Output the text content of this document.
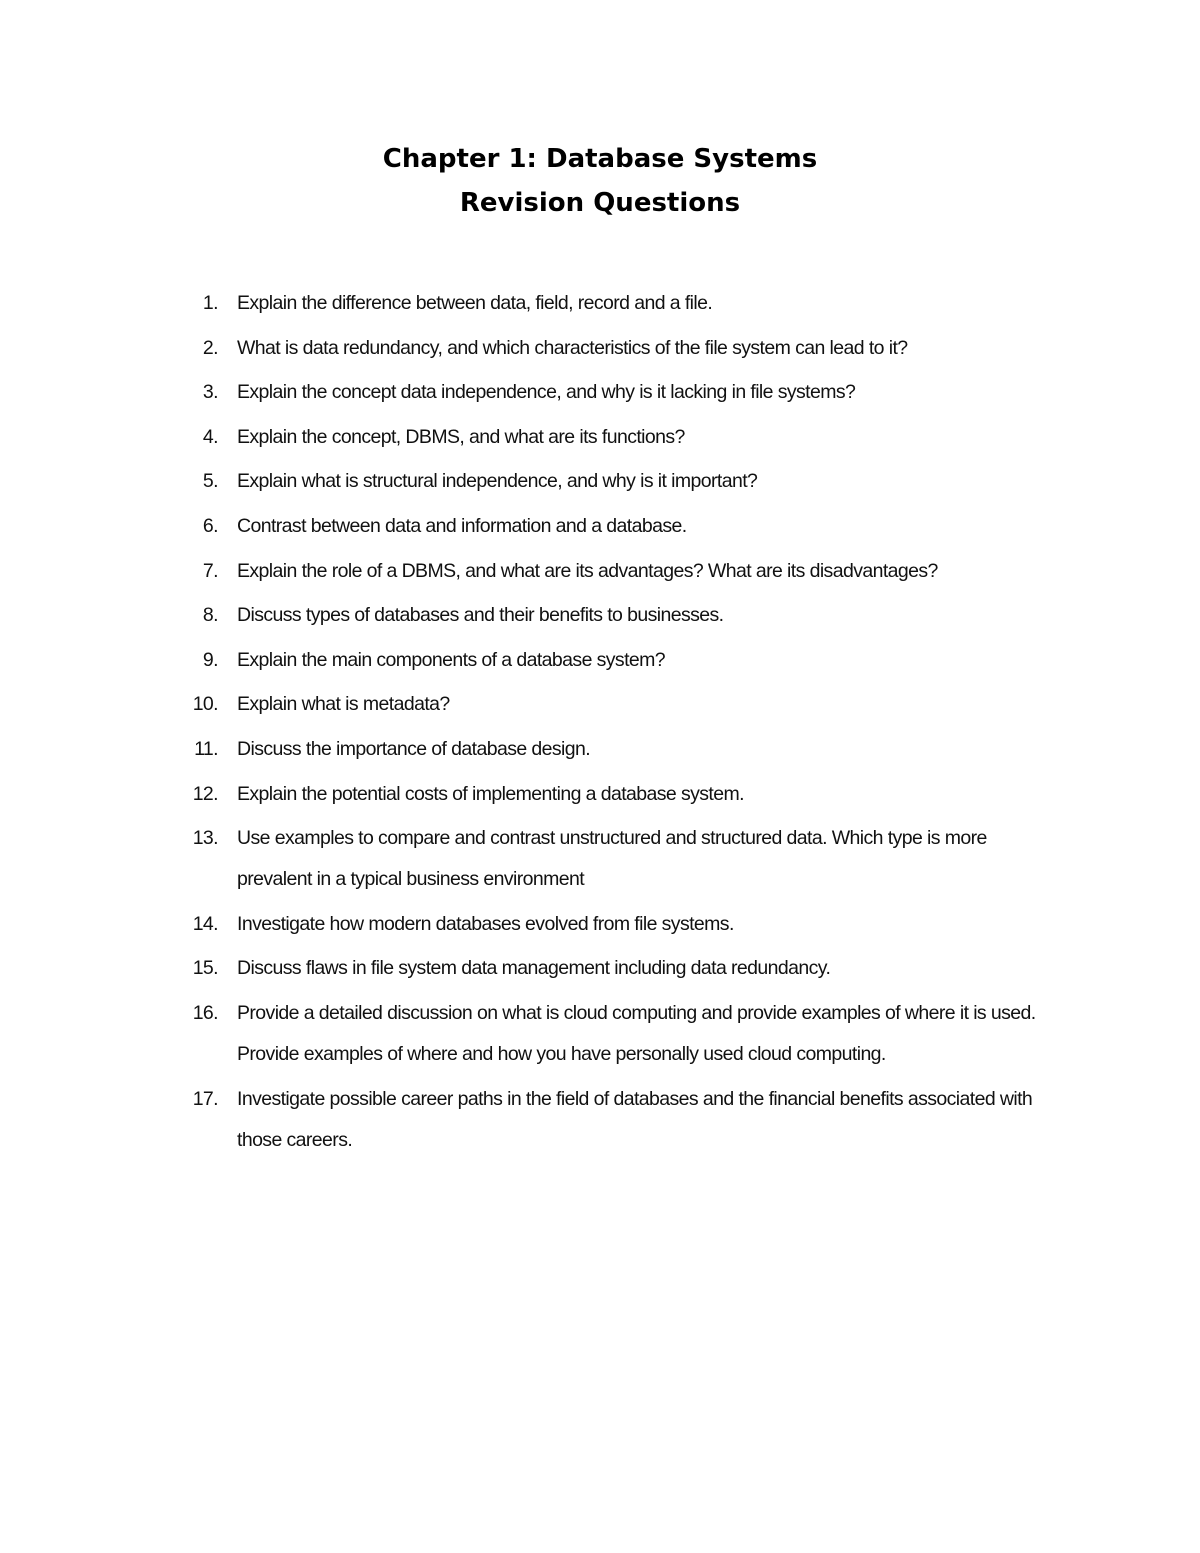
Chapter 1: Database Systems
Revision Questions
1. Explain the difference between data, field, record and a file.
2. What is data redundancy, and which characteristics of the file system can lead to it?
3. Explain the concept data independence, and why is it lacking in file systems?
4. Explain the concept, DBMS, and what are its functions?
5. Explain what is structural independence, and why is it important?
6. Contrast between data and information and a database.
7. Explain the role of a DBMS, and what are its advantages? What are its disadvantages?
8. Discuss types of databases and their benefits to businesses.
9. Explain the main components of a database system?
10. Explain what is metadata?
11. Discuss the importance of database design.
12. Explain the potential costs of implementing a database system.
13. Use examples to compare and contrast unstructured and structured data. Which type is more prevalent in a typical business environment
14. Investigate how modern databases evolved from file systems.
15. Discuss flaws in file system data management including data redundancy.
16. Provide a detailed discussion on what is cloud computing and provide examples of where it is used. Provide examples of where and how you have personally used cloud computing.
17. Investigate possible career paths in the field of databases and the financial benefits associated with those careers.
